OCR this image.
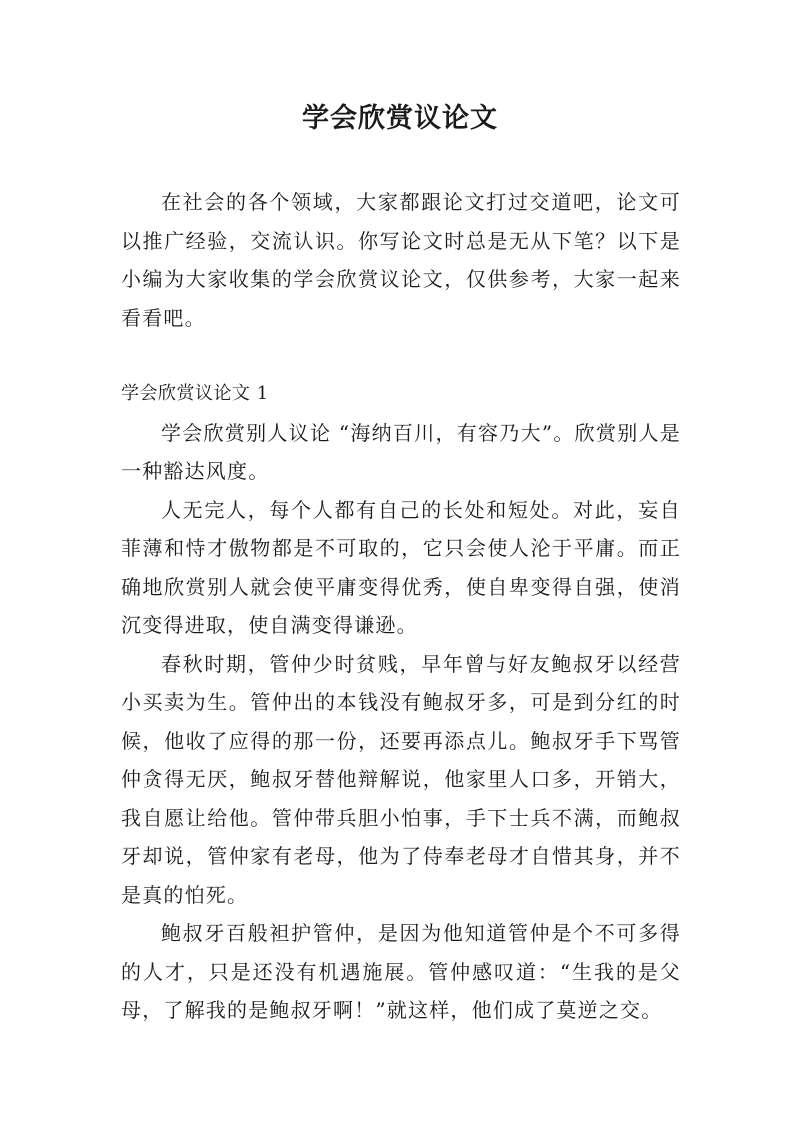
学会欣赏议论文

在社会的各个领域，大家都跟论文打过交道吧，论文可以推广经验，交流认识。你写论文时总是无从下笔？以下是小编为大家收集的学会欣赏议论文，仅供参考，大家一起来看看吧。

学会欣赏议论文 1

学会欣赏别人议论 “海纳百川，有容乃大”。欣赏别人是一种豁达风度。

人无完人，每个人都有自己的长处和短处。对此，妄自菲薄和恃才傲物都是不可取的，它只会使人沦于平庸。而正确地欣赏别人就会使平庸变得优秀，使自卑变得自强，使消沉变得进取，使自满变得谦逊。

春秋时期，管仲少时贫贱，早年曾与好友鲍叔牙以经营小买卖为生。管仲出的本钱没有鲍叔牙多，可是到分红的时候，他收了应得的那一份，还要再添点儿。鲍叔牙手下骂管仲贪得无厌，鲍叔牙替他辩解说，他家里人口多，开销大，我自愿让给他。管仲带兵胆小怕事，手下士兵不满，而鲍叔牙却说，管仲家有老母，他为了侍奉老母才自惜其身，并不是真的怕死。

鲍叔牙百般袒护管仲，是因为他知道管仲是个不可多得的人才，只是还没有机遇施展。管仲感叹道：“生我的是父母，了解我的是鲍叔牙啊！”就这样，他们成了莫逆之交。
